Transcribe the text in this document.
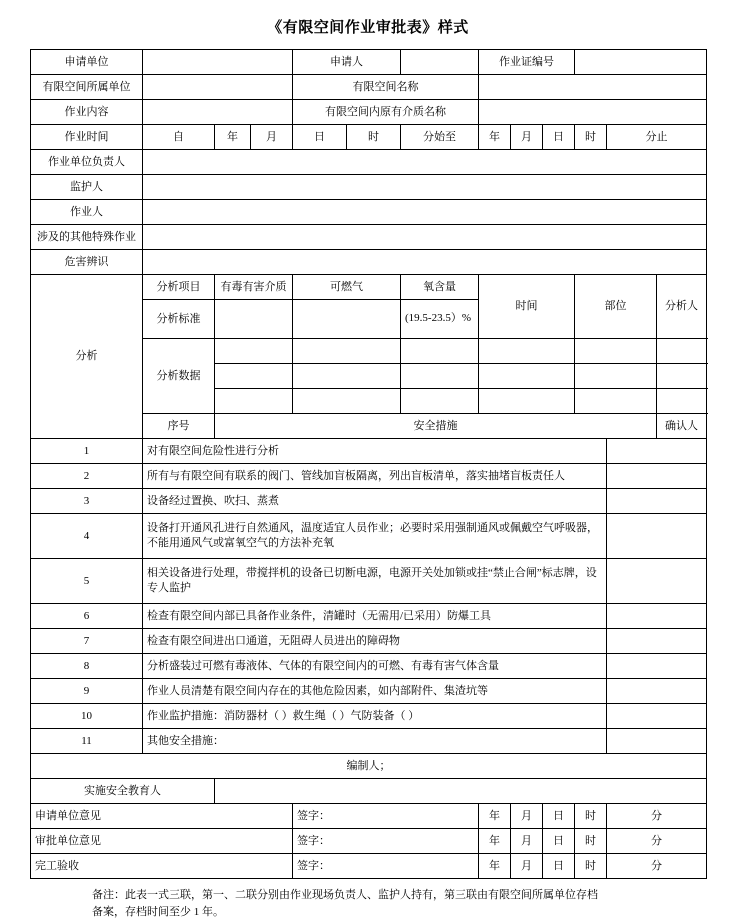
《有限空间作业审批表》样式
申请单位				申请人			作业证编号					
有限空间所属单位				有限空间名称								
作业内容				有限空间内原有介质名称								
作业时间	自	年	月	日	时	分始至	年	月	日	时	分止	
作业单位负责人												
监护人												
作业人												
涉及的其他特殊作业												
危害辨识												
分析	分析项目	有毒有害介质		可燃气		氧含量	时间			部位		分析人
	分析标准					(19.5-23.5）%						
	分析数据											

	序号	安全措施										确认人
1	对有限空间危险性进行分析											
2	所有与有限空间有联系的阀门、管线加盲板隔离，列出盲板清单，落实抽堵盲板责任人											
3	设备经过置换、吹扫、蒸煮											
4	设备打开通风孔进行自然通风，温度适宜人员作业；必要时采用强制通风或佩戴空气呼吸器， 不能用通风气或富氧空气的方法补充氧											
5	相关设备进行处理，带搅拌机的设备已切断电源，电源开关处加锁或挂“禁止合闸”标志牌，设专人监护											
6	检查有限空间内部已具备作业条件，清罐时（无需用/已采用）防爆工具											
7	检查有限空间进出口通道，无阻碍人员进出的障碍物											
8	分析盛装过可燃有毒液体、气体的有限空间内的可燃、有毒有害气体含量											
9	作业人员清楚有限空间内存在的其他危险因素，如内部附件、集渣坑等											
10	作业监护措施：消防器材（ ）救生绳（ ）气防装备（ ）											
11	其他安全措施：											
编制人；												
实施安全教育人												
申请单位意见				签字：			年	月	日	时	分	
审批单位意见				签字：			年	月	日	时	分	
完工验收				签字：			年	月	日	时	分	
备注：此表一式三联，第一、二联分别由作业现场负责人、监护人持有，第三联由有限空间所属单位存档
备案，存档时间至少 1 年。
